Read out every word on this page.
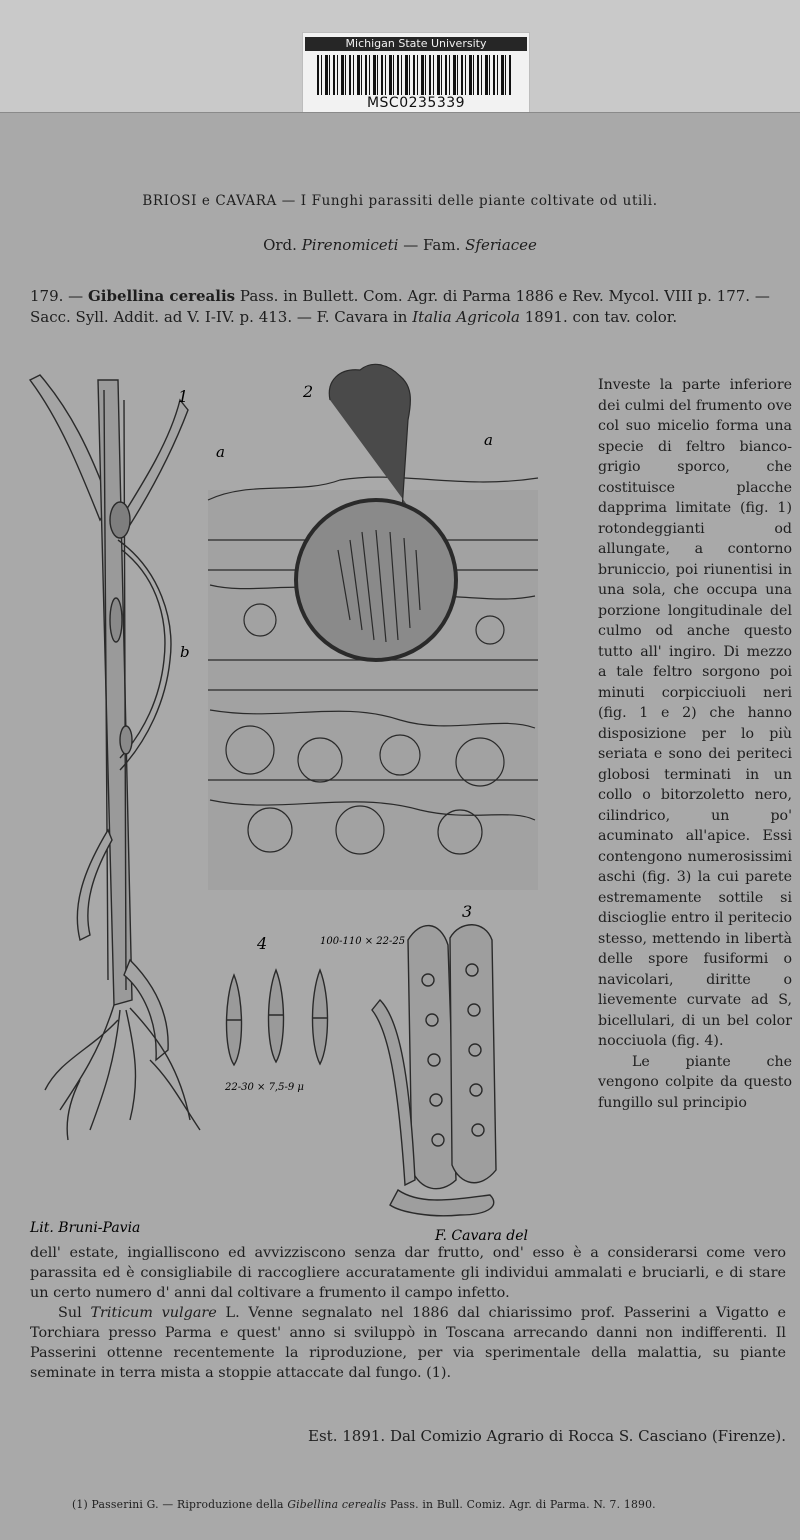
Michigan State University
MSC0235339
BRIOSI e CAVARA — I Funghi parassiti delle piante coltivate od utili.
Ord. Pirenomiceti — Fam. Sferiacee
179. — Gibellina cerealis Pass. in Bullett. Com. Agr. di Parma 1886 e Rev. Mycol. VIII p. 177. — Sacc. Syll. Addit. ad V. I-IV. p. 413. — F. Cavara in Italia Agricola 1891. con tav. color.
1	2
3
4
a
a
b
100-110 × 22-25
22-30 × 7,5-9 μ
Lit. Bruni-Pavia	F. Cavara del

Investe la parte inferiore dei culmi del frumento ove col suo micelio forma una specie di feltro bianco-grigio sporco, che costituisce placche dapprima limitate (fig. 1) rotondeggianti od allungate, a contorno bruniccio, poi riunentisi in una sola, che occupa una porzione longitudinale del culmo od anche questo tutto all' ingiro. Di mezzo a tale feltro sorgono poi minuti corpicciuoli neri (fig. 1 e 2) che hanno disposizione per lo più seriata e sono dei periteci globosi terminati in un collo o bitorzoletto nero, cilindrico, un po' acuminato all'apice. Essi contengono numerosissimi aschi (fig. 3) la cui parete estremamente sottile si discioglie entro il peritecio stesso, mettendo in libertà delle spore fusiformi o navicolari, diritte o lievemente curvate ad S, bicellulari, di un bel color nocciuola (fig. 4).

Le piante che vengono colpite da questo fungillo sul principio

dell' estate, ingialliscono ed avvizziscono senza dar frutto, ond' esso è a considerarsi come vero parassita ed è consigliabile di raccogliere accuratamente gli individui ammalati e bruciarli, e di stare un certo numero d' anni dal coltivare a frumento il campo infetto.

Sul Triticum vulgare L. Venne segnalato nel 1886 dal chiarissimo prof. Passerini a Vigatto e Torchiara presso Parma e quest' anno si sviluppò in Toscana arrecando danni non indifferenti. Il Passerini ottenne recentemente la riproduzione, per via sperimentale della malattia, su piante seminate in terra mista a stoppie attaccate dal fungo. (1).

Est. 1891. Dal Comizio Agrario di Rocca S. Casciano (Firenze).
(1) Passerini G. — Riproduzione della Gibellina cerealis Pass. in Bull. Comiz. Agr. di Parma. N. 7. 1890.
